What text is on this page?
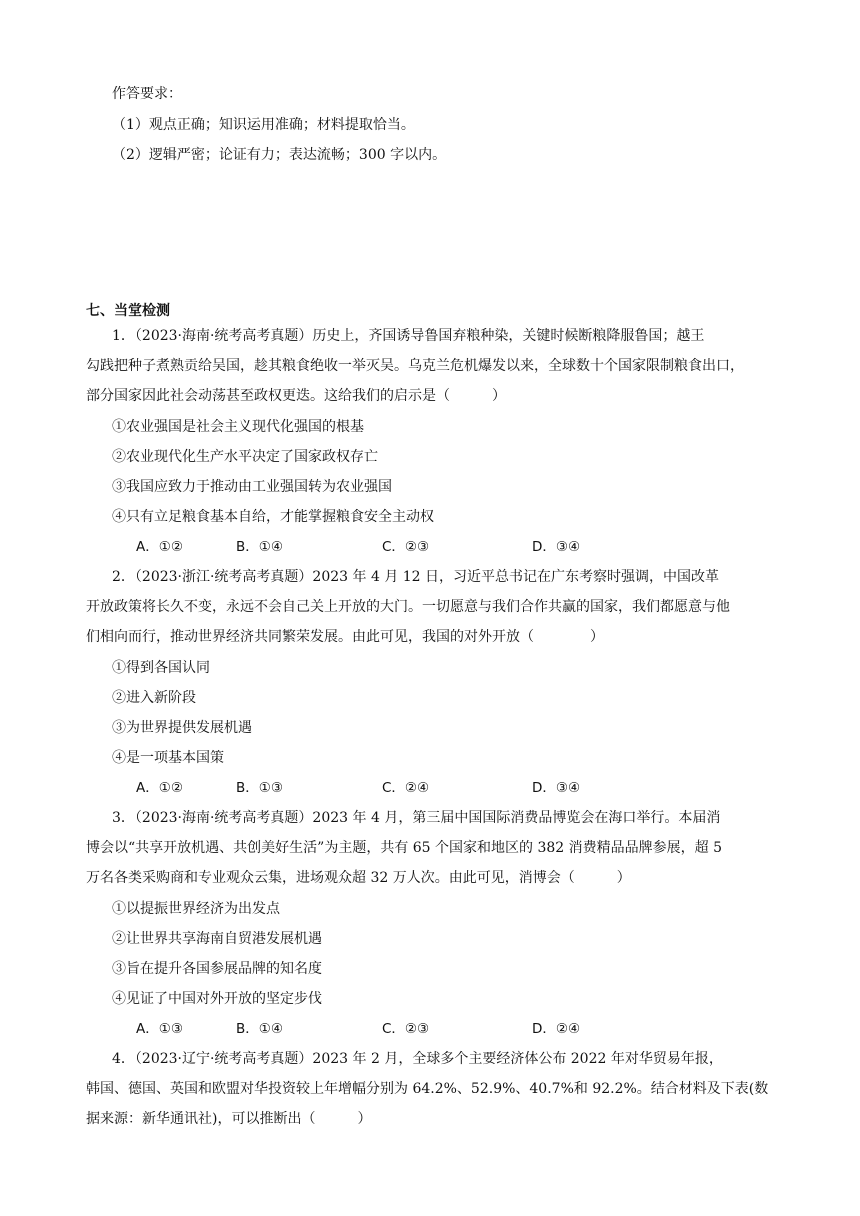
作答要求：
（1）观点正确；知识运用准确；材料提取恰当。
（2）逻辑严密；论证有力；表达流畅；300 字以内。
七、当堂检测
1．（2023·海南·统考高考真题）历史上，齐国诱导鲁国弃粮种染，关键时候断粮降服鲁国；越王
勾践把种子煮熟贡给吴国，趁其粮食绝收一举灭吴。乌克兰危机爆发以来，全球数十个国家限制粮食出口，
部分国家因此社会动荡甚至政权更迭。这给我们的启示是（　　　）
①农业强国是社会主义现代化强国的根基
②农业现代化生产水平决定了国家政权存亡
③我国应致力于推动由工业强国转为农业强国
④只有立足粮食基本自给，才能掌握粮食安全主动权
A．①②	B．①④	C．②③	D．③④
2．（2023·浙江·统考高考真题）2023 年 4 月 12 日，习近平总书记在广东考察时强调，中国改革
开放政策将长久不变，永远不会自己关上开放的大门。一切愿意与我们合作共赢的国家，我们都愿意与他
们相向而行，推动世界经济共同繁荣发展。由此可见，我国的对外开放（　　　　）
①得到各国认同
②进入新阶段
③为世界提供发展机遇
④是一项基本国策
A．①②	B．①③	C．②④	D．③④
3．（2023·海南·统考高考真题）2023 年 4 月，第三届中国国际消费品博览会在海口举行。本届消
博会以“共享开放机遇、共创美好生活”为主题，共有 65 个国家和地区的 382 消费精品品牌参展，超 5
万名各类采购商和专业观众云集，进场观众超 32 万人次。由此可见，消博会（　　　）
①以提振世界经济为出发点
②让世界共享海南自贸港发展机遇
③旨在提升各国参展品牌的知名度
④见证了中国对外开放的坚定步伐
A．①③	B．①④	C．②③	D．②④
4．（2023·辽宁·统考高考真题）2023 年 2 月，全球多个主要经济体公布 2022 年对华贸易年报，
韩国、德国、英国和欧盟对华投资较上年增幅分别为 64.2%、52.9%、40.7%和 92.2%。结合材料及下表(数
据来源：新华通讯社)，可以推断出（　　　）
